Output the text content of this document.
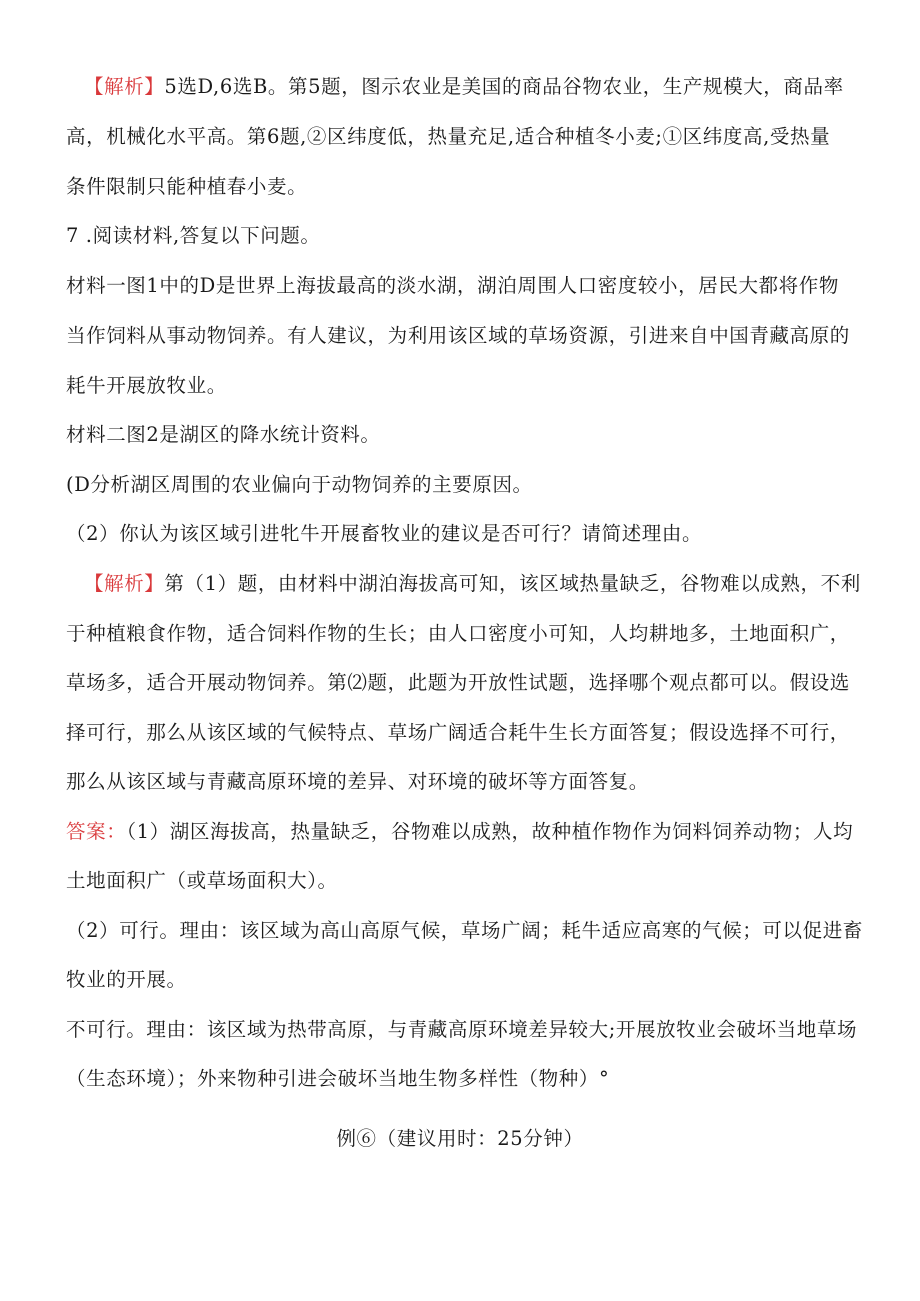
【解析】5选D,6选B。第5题，图示农业是美国的商品谷物农业，生产规模大，商品率
高，机械化水平高。第6题,②区纬度低，热量充足,适合种植冬小麦;①区纬度高,受热量
条件限制只能种植春小麦。
7 .阅读材料,答复以下问题。
材料一图1中的D是世界上海拔最高的淡水湖，湖泊周围人口密度较小，居民大都将作物
当作饲料从事动物饲养。有人建议，为利用该区域的草场资源，引进来自中国青藏高原的
耗牛开展放牧业。
材料二图2是湖区的降水统计资料。
(D分析湖区周围的农业偏向于动物饲养的主要原因。
（2）你认为该区域引进牝牛开展畜牧业的建议是否可行？请简述理由。
【解析】第（1）题，由材料中湖泊海拔高可知，该区域热量缺乏，谷物难以成熟，不利
于种植粮食作物，适合饲料作物的生长；由人口密度小可知，人均耕地多，土地面积广，
草场多，适合开展动物饲养。第⑵题，此题为开放性试题，选择哪个观点都可以。假设选
择可行，那么从该区域的气候特点、草场广阔适合耗牛生长方面答复；假设选择不可行，
那么从该区域与青藏高原环境的差异、对环境的破坏等方面答复。
答案：（1）湖区海拔高，热量缺乏，谷物难以成熟，故种植作物作为饲料饲养动物；人均
土地面积广（或草场面积大）。
（2）可行。理由：该区域为高山高原气候，草场广阔；耗牛适应高寒的气候；可以促进畜
牧业的开展。
不可行。理由：该区域为热带高原，与青藏高原环境差异较大;开展放牧业会破坏当地草场
（生态环境）；外来物种引进会破坏当地生物多样性（物种）°
例⑥（建议用时：25分钟）
